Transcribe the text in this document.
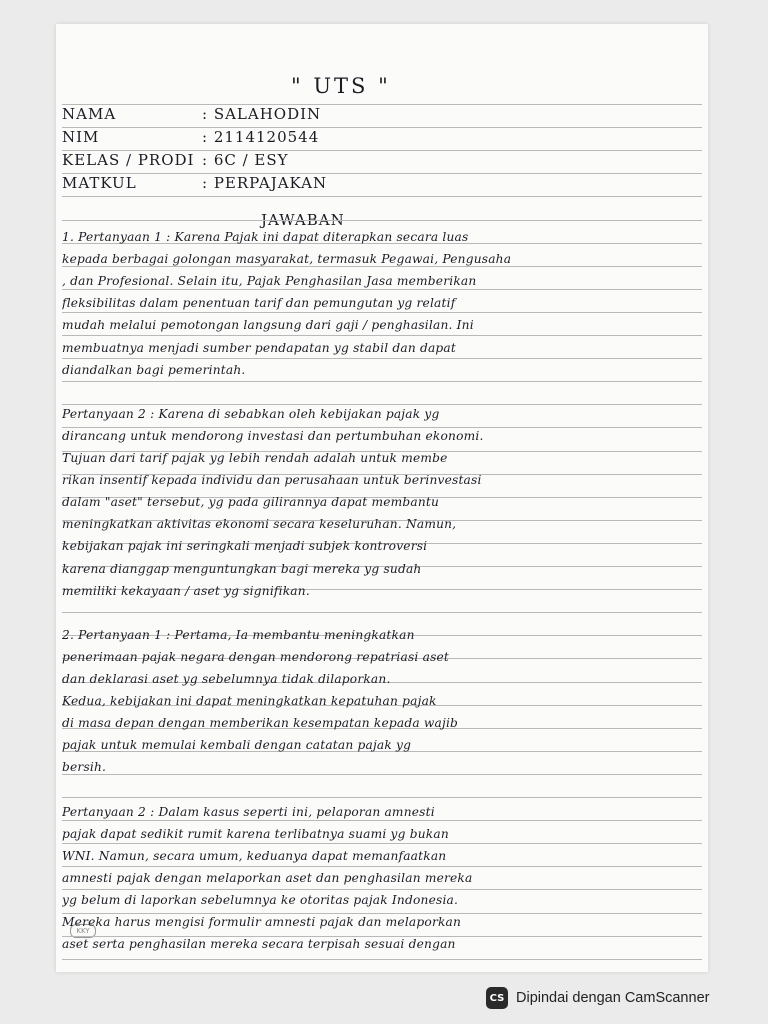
" UTS "
JAWABAN
KKY
NAMA	: SALAHODIN
NIM	: 2114120544
KELAS / PRODI : 6C / ESY
MATKUL	: PERPAJAKAN
1. Pertanyaan 1 : Karena Pajak ini dapat diterapkan secara luas
kepada berbagai golongan masyarakat, termasuk Pegawai, Pengusaha
, dan Profesional. Selain itu, Pajak Penghasilan Jasa memberikan
fleksibilitas dalam penentuan tarif dan pemungutan yg relatif
mudah melalui pemotongan langsung dari gaji / penghasilan. Ini
membuatnya menjadi sumber pendapatan yg stabil dan dapat
diandalkan bagi pemerintah.
Pertanyaan 2 : Karena di sebabkan oleh kebijakan pajak yg
dirancang untuk mendorong investasi dan pertumbuhan ekonomi.
Tujuan dari tarif pajak yg lebih rendah adalah untuk membe
rikan insentif kepada individu dan perusahaan untuk berinvestasi
dalam "aset" tersebut, yg pada gilirannya dapat membantu
meningkatkan aktivitas ekonomi secara keseluruhan. Namun,
kebijakan pajak ini seringkali menjadi subjek kontroversi
karena dianggap menguntungkan bagi mereka yg sudah
memiliki kekayaan / aset yg signifikan.
2. Pertanyaan 1 : Pertama, Ia membantu meningkatkan
penerimaan pajak negara dengan mendorong repatriasi aset
dan deklarasi aset yg sebelumnya tidak dilaporkan.
Kedua, kebijakan ini dapat meningkatkan kepatuhan pajak
di masa depan dengan memberikan kesempatan kepada wajib
pajak untuk memulai kembali dengan catatan pajak yg
bersih.
Pertanyaan 2 : Dalam kasus seperti ini, pelaporan amnesti
pajak dapat sedikit rumit karena terlibatnya suami yg bukan
WNI. Namun, secara umum, keduanya dapat memanfaatkan
amnesti pajak dengan melaporkan aset dan penghasilan mereka
yg belum di laporkan sebelumnya ke otoritas pajak Indonesia.
Mereka harus mengisi formulir amnesti pajak dan melaporkan
aset serta penghasilan mereka secara terpisah sesuai dengan
CS Dipindai dengan CamScanner
